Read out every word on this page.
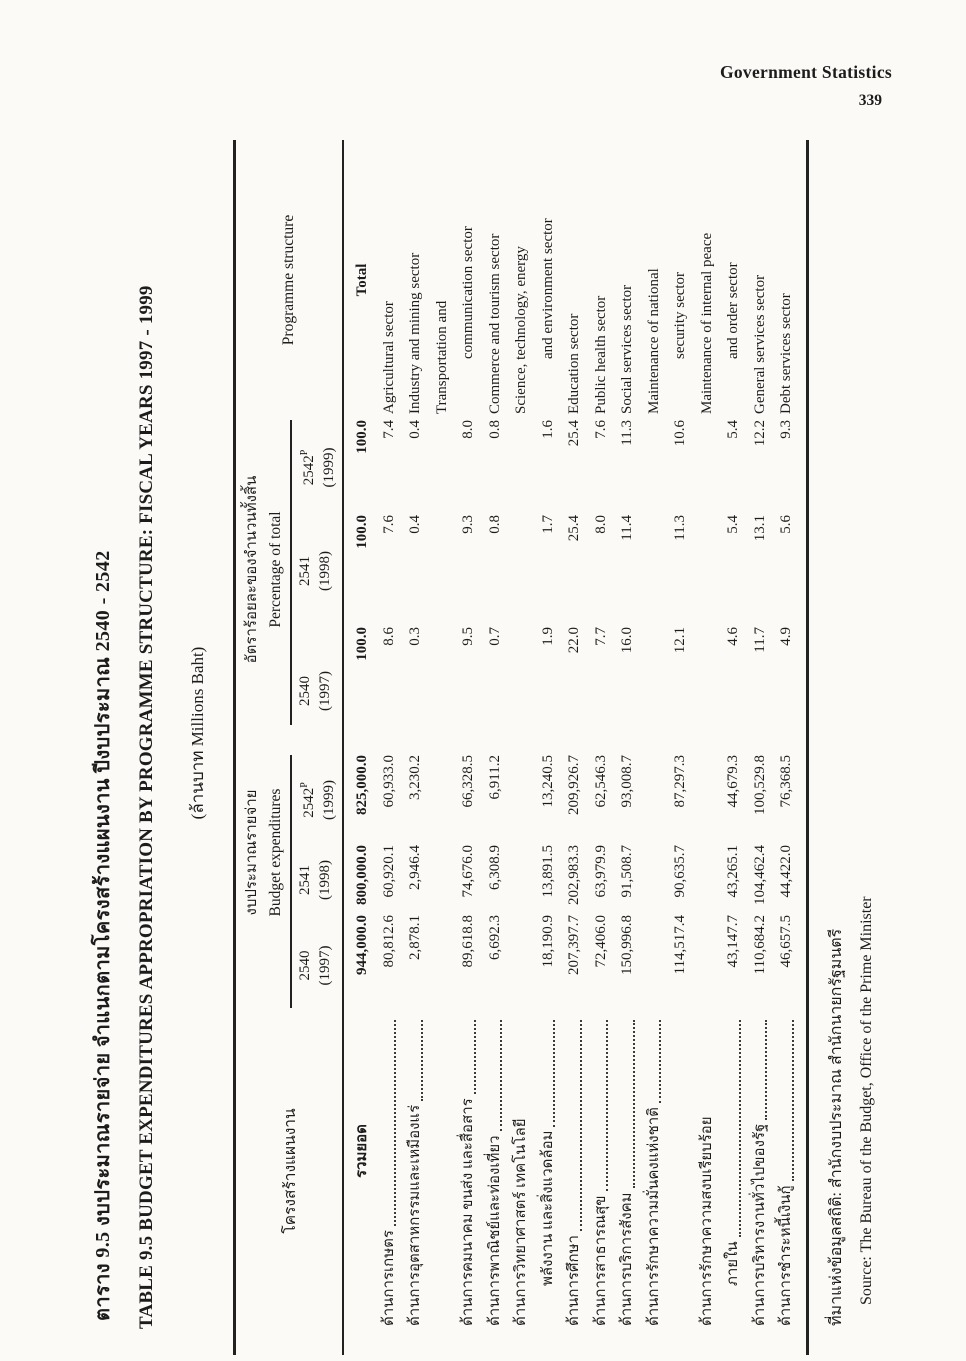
Government Statistics
339
ตาราง 9.5 งบประมาณรายจ่าย จำแนกตามโครงสร้างแผนงาน ปีงบประมาณ 2540 - 2542 TABLE 9.5 BUDGET EXPENDITURES APPROPRIATION BY PROGRAMME STRUCTURE: FISCAL YEARS 1997 - 1999 (ล้านบาท Millions Baht)
โครงสร้างแผนงาน
งบประมาณรายจ่าย Budget expenditures
2540 (1997)
2541 (1998)
$2542^P$ (1999)
อัตราร้อยละของจำนวนทั้งสิ้น Percentage of total
2540 (1997)
2541 (1998)
$2542^P$ (1999)
Programme structure
รวมยอด
944,000.0
800,000.0
825,000.0
100.0
100.0
100.0
Total
ด้านการเกษตร
80,812.6
60,920.1
60,933.0
8.6
7.6
7.4
Agricultural sector
ด้านการอุตสาหกรรมและเหมืองแร่
2,878.1
2,946.4
3,230.2
0.3
0.4
0.4
Industry and mining sector Transportation and
ด้านการคมนาคม ขนส่ง และสื่อสาร
89,618.8
74,676.0
66,328.5
9.5
9.3
8.0
communication sector
ด้านการพาณิชย์และท่องเที่ยว
6,692.3
6,308.9
6,911.2
0.7
0.8
0.8
Commerce and tourism sector
ด้านการวิทยาศาสตร์ เทคโนโลยี
Science, technology, energy
พลังงาน และสิ่งแวดล้อม
18,190.9
13,891.5
13,240.5
1.9
1.7
1.6
and environment sector
ด้านการศึกษา
207,397.7
202,983.3
209,926.7
22.0
25.4
25.4
Education sector
ด้านการสาธารณสุข
72,406.0
63,979.9
62,546.3
7.7
8.0
7.6
Public health sector
ด้านการบริการสังคม
150,996.8
91,508.7
93,008.7
16.0
11.4
11.3
Social services sector
ด้านการรักษาความมั่นคงแห่งชาติ
Maintenance of national
114,517.4
90,635.7
87,297.3
12.1
11.3
10.6
security sector
ด้านการรักษาความสงบเรียบร้อย
Maintenance of internal peace
ภายใน
43,147.7
43,265.1
44,679.3
4.6
5.4
5.4
and order sector
ด้านการบริหารงานทั่วไปของรัฐ
110,684.2
104,462.4
100,529.8
11.7
13.1
12.2
General services sector
ด้านการชำระหนี้เงินกู้
46,657.5
44,422.0
76,368.5
4.9
5.6
9.3
Debt services sector
ที่มาแห่งข้อมูลสถิติ: สำนักงบประมาณ สำนักนายกรัฐมนตรี Source: The Bureau of the Budget, Office of the Prime Minister
